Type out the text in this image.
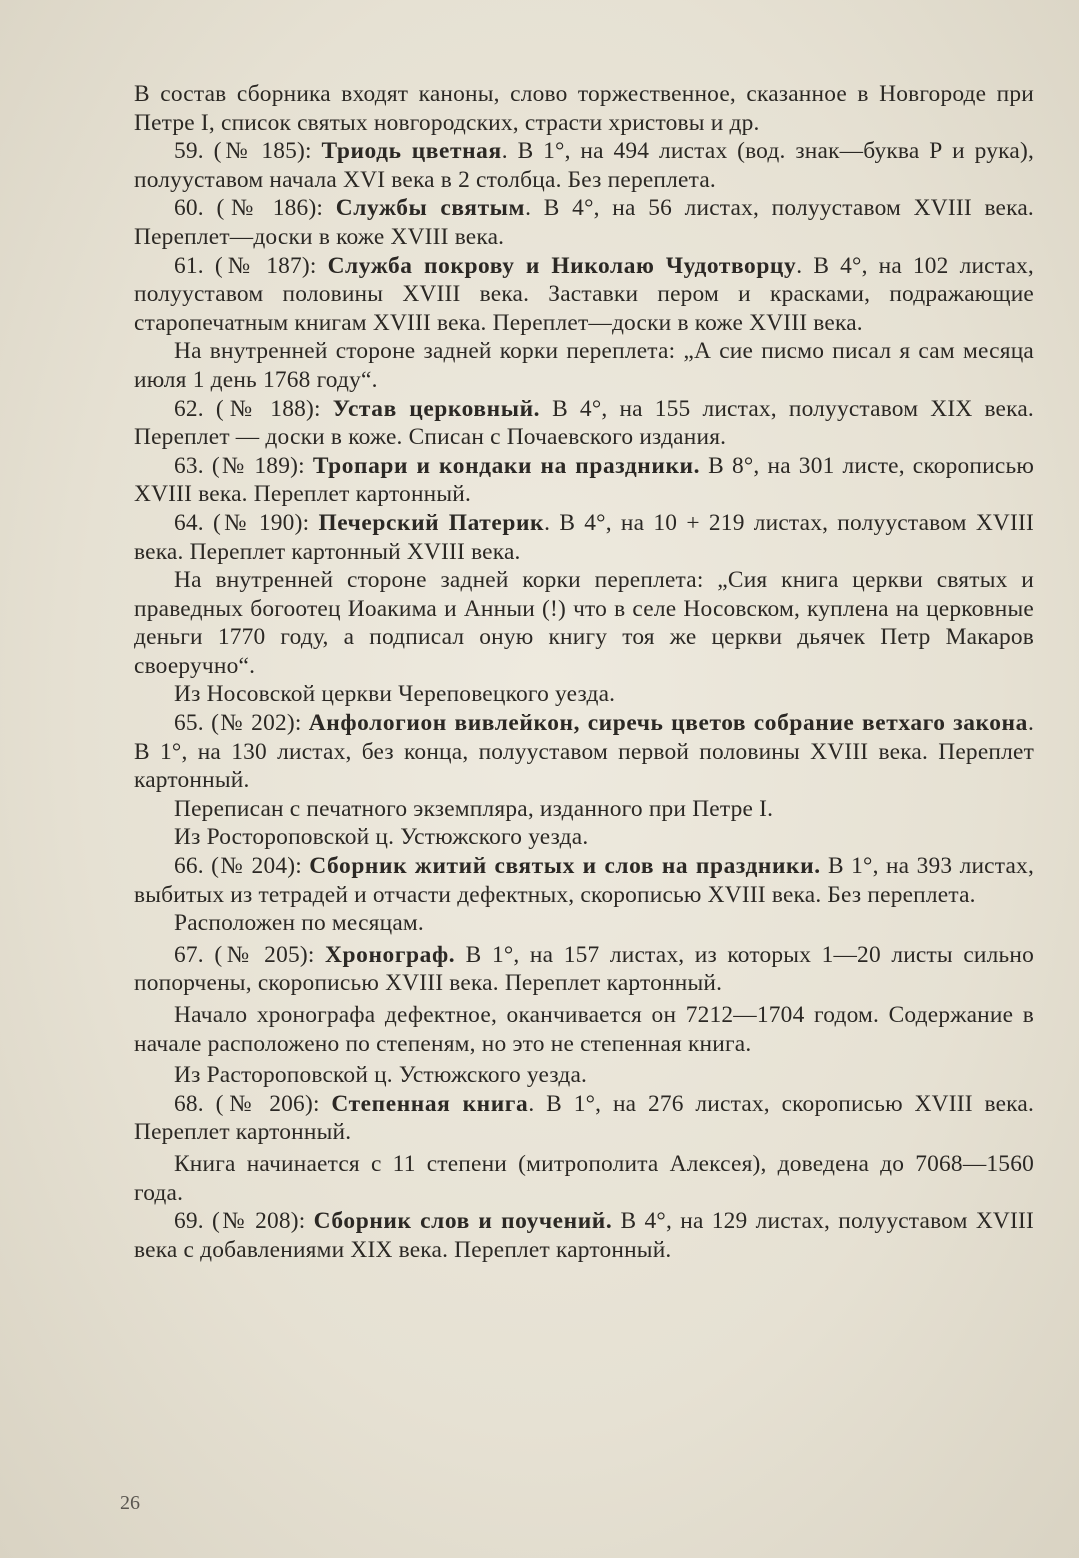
В состав сборника входят каноны, слово торжественное, сказанное в Новгороде при Петре I, список святых новгородских, страсти христовы и др.

59. (№ 185): Триодь цветная. В 1°, на 494 листах (вод. знак—буква Р и рука), полууставом начала XVI века в 2 столбца. Без переплета.

60. (№ 186): Службы святым. В 4°, на 56 листах, полууставом XVIII века. Переплет—доски в коже XVIII века.

61. (№ 187): Служба покрову и Николаю Чудотворцу. В 4°, на 102 листах, полууставом половины XVIII века. Заставки пером и красками, подражающие старопечатным книгам XVIII века. Переплет—доски в коже XVIII века.

На внутренней стороне задней корки переплета: „А сие писмо писал я сам месяца июля 1 день 1768 году“.

62. (№ 188): Устав церковный. В 4°, на 155 листах, полууставом XIX века. Переплет — доски в коже. Списан с Почаевского издания.

63. (№ 189): Тропари и кондаки на праздники. В 8°, на 301 листе, скорописью XVIII века. Переплет картонный.

64. (№ 190): Печерский Патерик. В 4°, на 10 + 219 листах, полууставом XVIII века. Переплет картонный XVIII века.

На внутренней стороне задней корки переплета: „Сия книга церкви святых и праведных богоотец Иоакима и Анныи (!) что в селе Носовском, куплена на церковные деньги 1770 году, а подписал оную книгу тоя же церкви дьячек Петр Макаров своеручно“.

Из Носовской церкви Череповецкого уезда.

65. (№ 202): Анфологион вивлейкон, сиречь цветов собрание ветхаго закона. В 1°, на 130 листах, без конца, полууставом первой половины XVIII века. Переплет картонный.

Переписан с печатного экземпляра, изданного при Петре I.

Из Ростороповской ц. Устюжского уезда.

66. (№ 204): Сборник житий святых и слов на праздники. В 1°, на 393 листах, выбитых из тетрадей и отчасти дефектных, скорописью XVIII века. Без переплета.

Расположен по месяцам.

67. (№ 205): Хронограф. В 1°, на 157 листах, из которых 1—20 листы сильно попорчены, скорописью XVIII века. Переплет картонный.

Начало хронографа дефектное, оканчивается он 7212—1704 годом. Содержание в начале расположено по степеням, но это не степенная книга.

Из Растороповской ц. Устюжского уезда.

68. (№ 206): Степенная книга. В 1°, на 276 листах, скорописью XVIII века. Переплет картонный.

Книга начинается с 11 степени (митрополита Алексея), доведена до 7068—1560 года.

69. (№ 208): Сборник слов и поучений. В 4°, на 129 листах, полууставом XVIII века с добавлениями XIX века. Переплет картонный.

26
